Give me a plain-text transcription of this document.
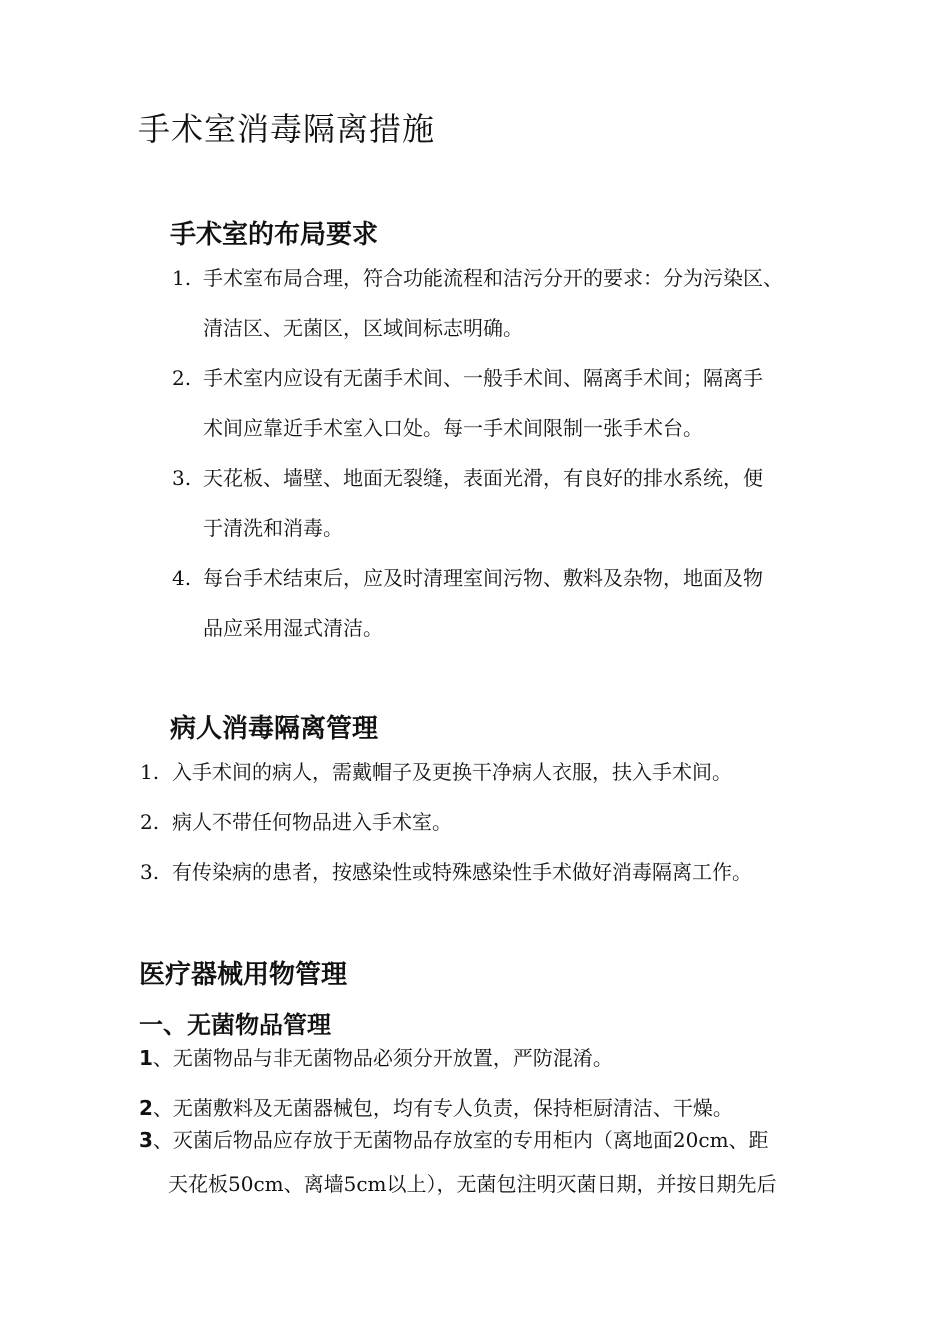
手术室消毒隔离措施
手术室的布局要求

1. 手术室布局合理，符合功能流程和洁污分开的要求：分为污染区、

清洁区、无菌区，区域间标志明确。

2. 手术室内应设有无菌手术间、一般手术间、隔离手术间；隔离手

术间应靠近手术室入口处。每一手术间限制一张手术台。

3. 天花板、墙壁、地面无裂缝，表面光滑，有良好的排水系统，便

于清洗和消毒。

4. 每台手术结束后，应及时清理室间污物、敷料及杂物，地面及物

品应采用湿式清洁。

病人消毒隔离管理

1. 入手术间的病人，需戴帽子及更换干净病人衣服，扶入手术间。

2. 病人不带任何物品进入手术室。

3. 有传染病的患者，按感染性或特殊感染性手术做好消毒隔离工作。

医疗器械用物管理
一、无菌物品管理

1、无菌物品与非无菌物品必须分开放置，严防混淆。

2、无菌敷料及无菌器械包，均有专人负责，保持柜厨清洁、干燥。

3、灭菌后物品应存放于无菌物品存放室的专用柜内（离地面20cm、距

天花板50cm、离墙5cm以上），无菌包注明灭菌日期，并按日期先后
